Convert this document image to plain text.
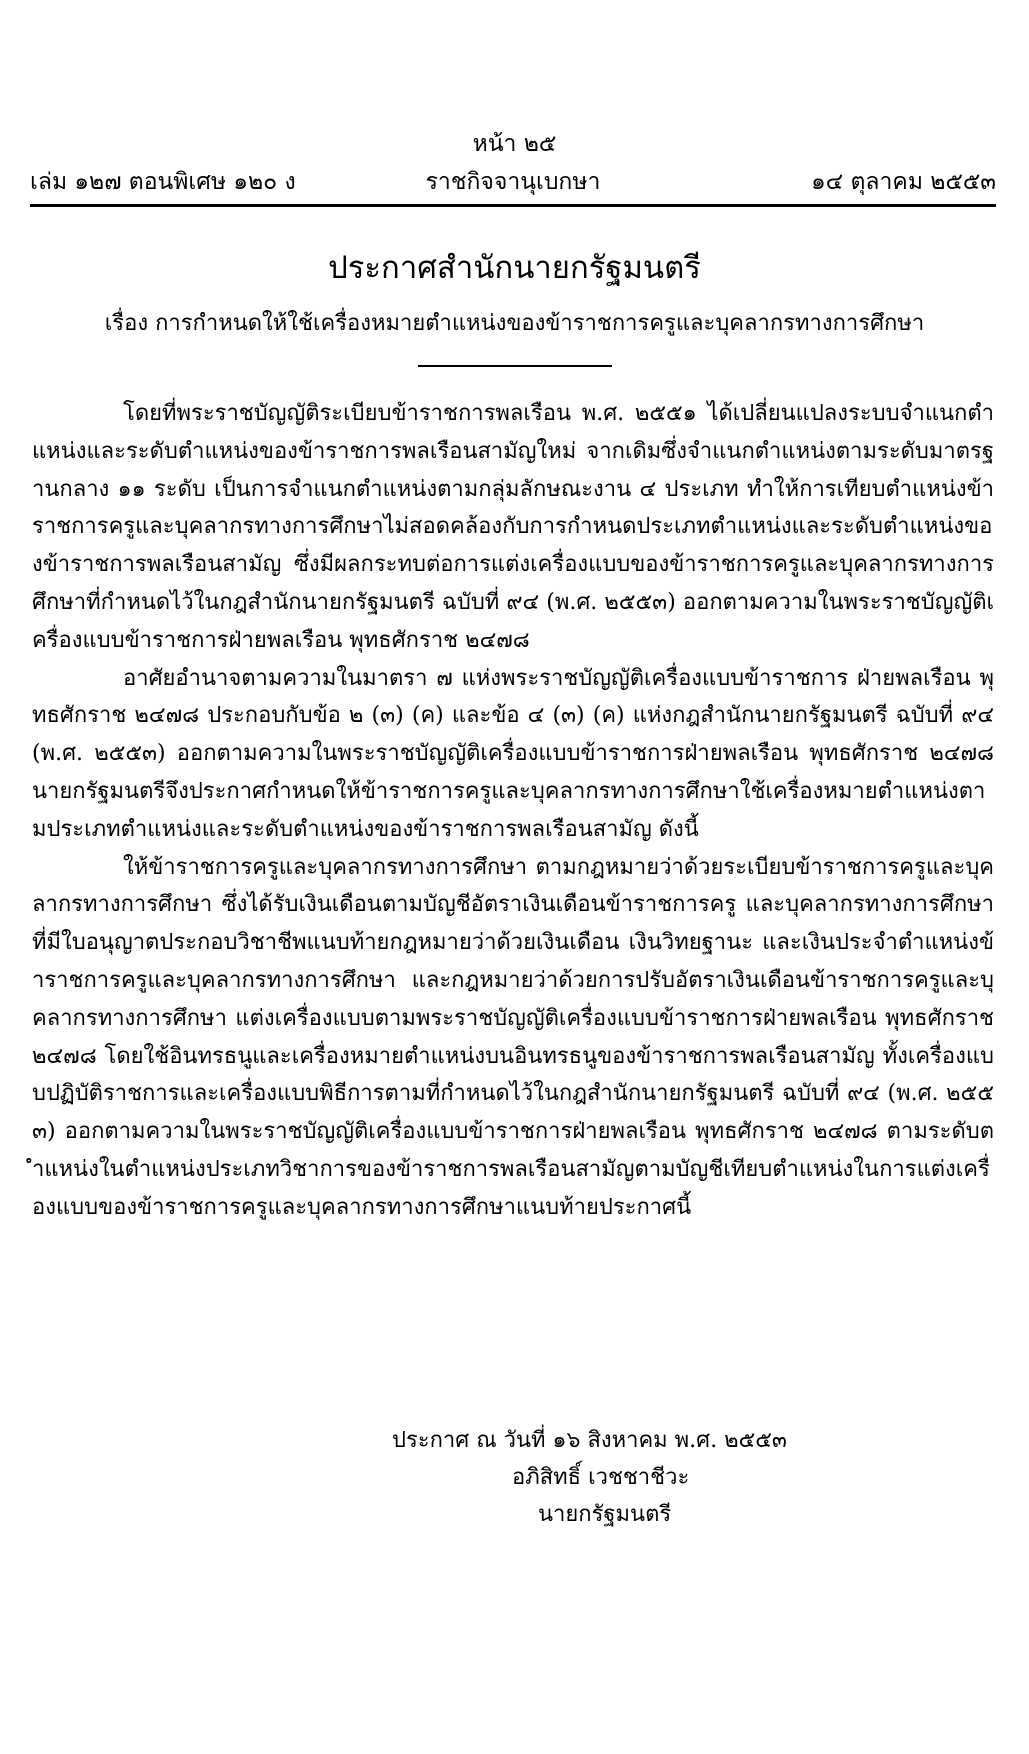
หน้า ๒๕
ราชกิจจานุเบกษา
เล่ม ๑๒๗ ตอนพิเศษ ๑๒๐ ง	๑๔ ตุลาคม ๒๕๕๓
ประกาศสำนักนายกรัฐมนตรี
เรื่อง การกำหนดให้ใช้เครื่องหมายตำแหน่งของข้าราชการครูและบุคลากรทางการศึกษา

โดยที่พระราชบัญญัติระเบียบข้าราชการพลเรือน พ.ศ. ๒๕๕๑ ได้เปลี่ยนแปลงระบบจำแนกตำแหน่งและระดับตำแหน่งของข้าราชการพลเรือนสามัญใหม่ จากเดิมซึ่งจำแนกตำแหน่งตามระดับมาตรฐานกลาง ๑๑ ระดับ เป็นการจำแนกตำแหน่งตามกลุ่มลักษณะงาน ๔ ประเภท ทำให้การเทียบตำแหน่งข้าราชการครูและบุคลากรทางการศึกษาไม่สอดคล้องกับการกำหนดประเภทตำแหน่งและระดับตำแหน่งของข้าราชการพลเรือนสามัญ ซึ่งมีผลกระทบต่อการแต่งเครื่องแบบของข้าราชการครูและบุคลากรทางการศึกษาที่กำหนดไว้ในกฎสำนักนายกรัฐมนตรี ฉบับที่ ๙๔ (พ.ศ. ๒๕๕๓) ออกตามความในพระราชบัญญัติเครื่องแบบข้าราชการฝ่ายพลเรือน พุทธศักราช ๒๔๗๘

อาศัยอำนาจตามความในมาตรา ๗ แห่งพระราชบัญญัติเครื่องแบบข้าราชการ ฝ่ายพลเรือน พุทธศักราช ๒๔๗๘ ประกอบกับข้อ ๒ (๓) (ค) และข้อ ๔ (๓) (ค) แห่งกฎสำนักนายกรัฐมนตรี ฉบับที่ ๙๔ (พ.ศ. ๒๕๕๓) ออกตามความในพระราชบัญญัติเครื่องแบบข้าราชการฝ่ายพลเรือน พุทธศักราช ๒๔๗๘ นายกรัฐมนตรีจึงประกาศกำหนดให้ข้าราชการครูและบุคลากรทางการศึกษาใช้เครื่องหมายตำแหน่งตามประเภทตำแหน่งและระดับตำแหน่งของข้าราชการพลเรือนสามัญ ดังนี้

ให้ข้าราชการครูและบุคลากรทางการศึกษา ตามกฎหมายว่าด้วยระเบียบข้าราชการครูและบุคลากรทางการศึกษา ซึ่งได้รับเงินเดือนตามบัญชีอัตราเงินเดือนข้าราชการครู และบุคลากรทางการศึกษาที่มีใบอนุญาตประกอบวิชาชีพแนบท้ายกฎหมายว่าด้วยเงินเดือน เงินวิทยฐานะ และเงินประจำตำแหน่งข้าราชการครูและบุคลากรทางการศึกษา และกฎหมายว่าด้วยการปรับอัตราเงินเดือนข้าราชการครูและบุคลากรทางการศึกษา แต่งเครื่องแบบตามพระราชบัญญัติเครื่องแบบข้าราชการฝ่ายพลเรือน พุทธศักราช ๒๔๗๘ โดยใช้อินทรธนูและเครื่องหมายตำแหน่งบนอินทรธนูของข้าราชการพลเรือนสามัญ ทั้งเครื่องแบบปฏิบัติราชการและเครื่องแบบพิธีการตามที่กำหนดไว้ในกฎสำนักนายกรัฐมนตรี ฉบับที่ ๙๔ (พ.ศ. ๒๕๕๓) ออกตามความในพระราชบัญญัติเครื่องแบบข้าราชการฝ่ายพลเรือน พุทธศักราช ๒๔๗๘ ตามระดับตำแหน่งในตำแหน่งประเภทวิชาการของข้าราชการพลเรือนสามัญตามบัญชีเทียบตำแหน่งในการแต่งเครื่องแบบของข้าราชการครูและบุคลากรทางการศึกษาแนบท้ายประกาศนี้

ประกาศ ณ วันที่ ๑๖ สิงหาคม พ.ศ. ๒๕๕๓
อภิสิทธิ์ เวชชาชีวะ
นายกรัฐมนตรี
